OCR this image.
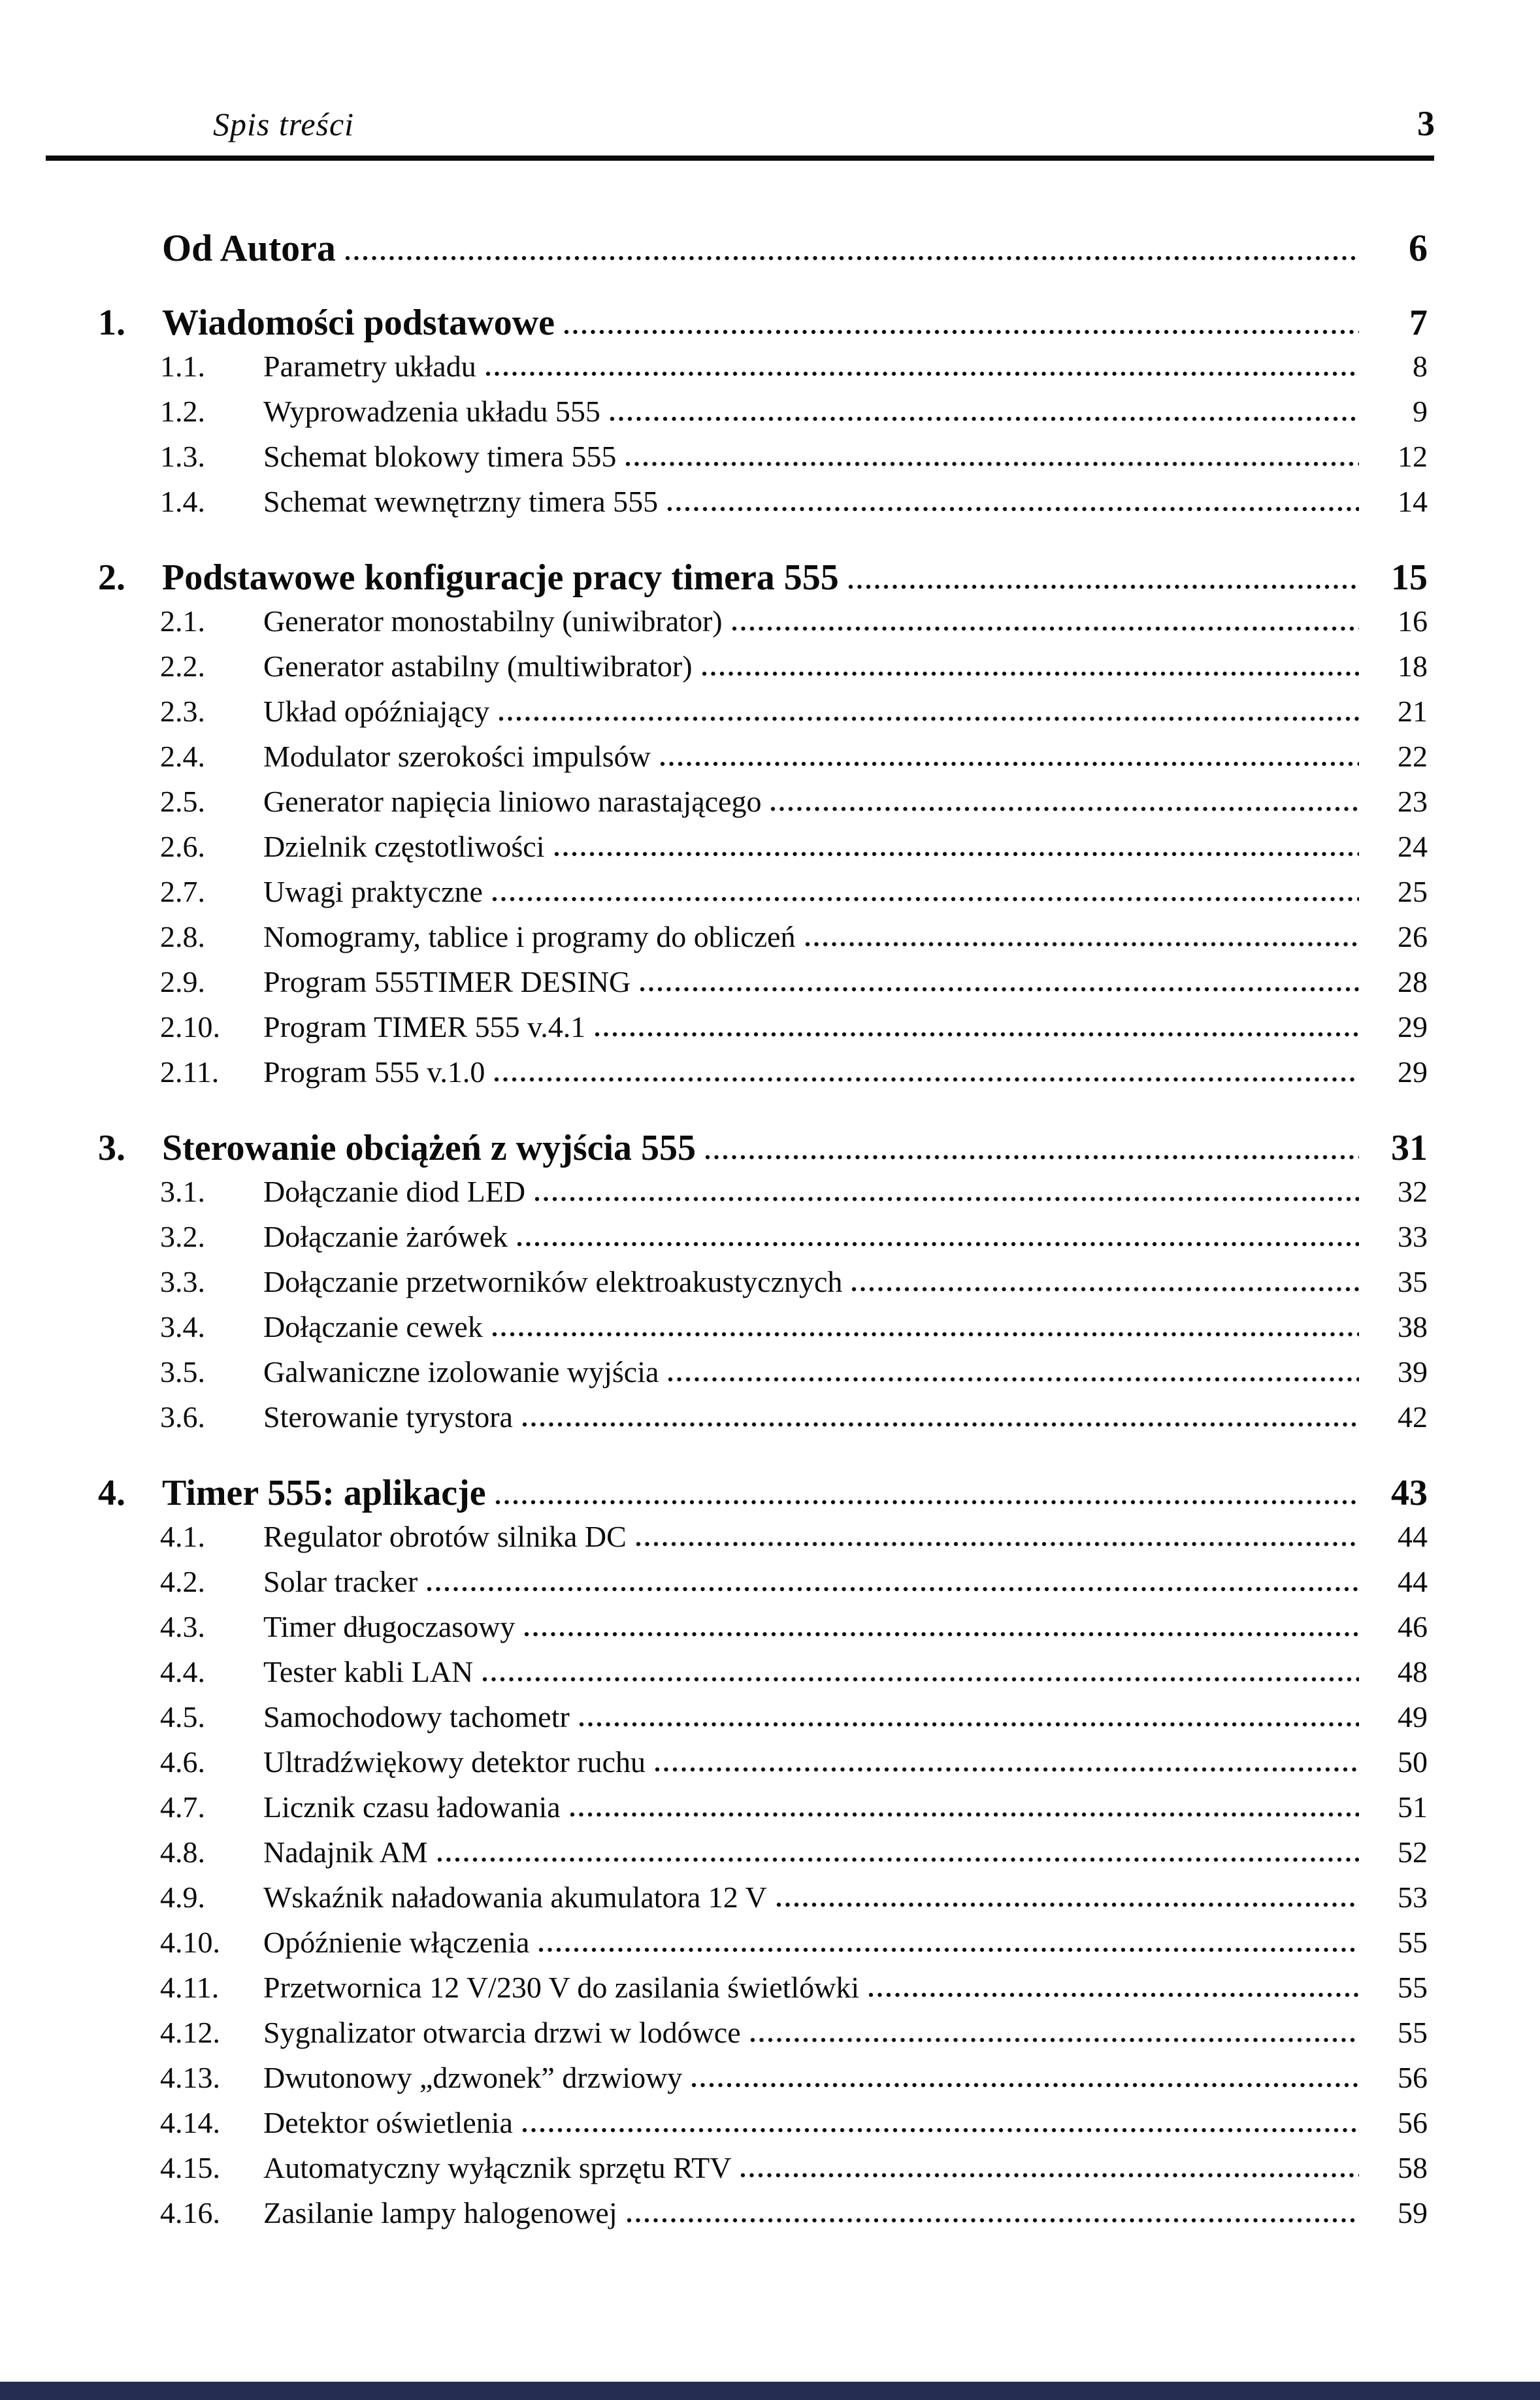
Spis treści	3
Od Autora	6
1.	Wiadomości podstawowe	7
1.1.	Parametry układu	8
1.2.	Wyprowadzenia układu 555	9
1.3.	Schemat blokowy timera 555	12
1.4.	Schemat wewnętrzny timera 555	14
2.	Podstawowe konfiguracje pracy timera 555	15
2.1.	Generator monostabilny (uniwibrator)	16
2.2.	Generator astabilny (multiwibrator)	18
2.3.	Układ opóźniający	21
2.4.	Modulator szerokości impulsów	22
2.5.	Generator napięcia liniowo narastającego	23
2.6.	Dzielnik częstotliwości	24
2.7.	Uwagi praktyczne	25
2.8.	Nomogramy, tablice i programy do obliczeń	26
2.9.	Program 555TIMER DESING	28
2.10.	Program TIMER 555 v.4.1	29
2.11.	Program 555 v.1.0	29
3.	Sterowanie obciążeń z wyjścia 555	31
3.1.	Dołączanie diod LED	32
3.2.	Dołączanie żarówek	33
3.3.	Dołączanie przetworników elektroakustycznych	35
3.4.	Dołączanie cewek	38
3.5.	Galwaniczne izolowanie wyjścia	39
3.6.	Sterowanie tyrystora	42
4.	Timer 555: aplikacje	43
4.1.	Regulator obrotów silnika DC	44
4.2.	Solar tracker	44
4.3.	Timer długoczasowy	46
4.4.	Tester kabli LAN	48
4.5.	Samochodowy tachometr	49
4.6.	Ultradźwiękowy detektor ruchu	50
4.7.	Licznik czasu ładowania	51
4.8.	Nadajnik AM	52
4.9.	Wskaźnik naładowania akumulatora 12 V	53
4.10.	Opóźnienie włączenia	55
4.11.	Przetwornica 12 V/230 V do zasilania świetlówki	55
4.12.	Sygnalizator otwarcia drzwi w lodówce	55
4.13.	Dwutonowy „dzwonek” drzwiowy	56
4.14.	Detektor oświetlenia	56
4.15.	Automatyczny wyłącznik sprzętu RTV	58
4.16.	Zasilanie lampy halogenowej	59
